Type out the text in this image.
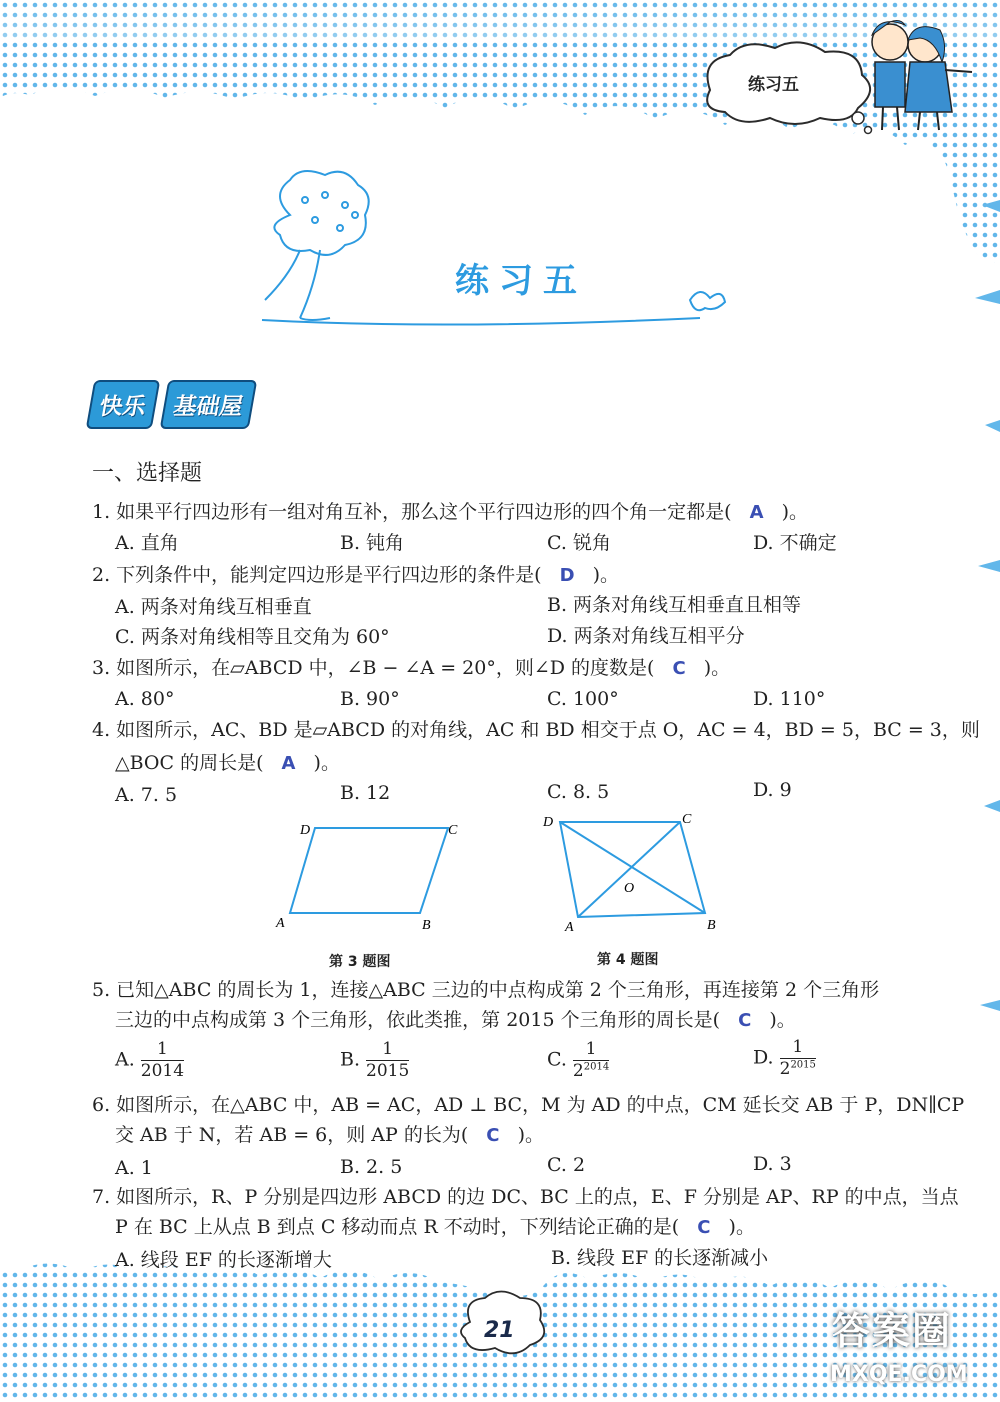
练习五
练习五
快乐 基础屋
一、选择题
1. 如果平行四边形有一组对角互补，那么这个平行四边形的四个角一定都是( A )。
A. 直角	B. 钝角	C. 锐角	D. 不确定
2. 下列条件中，能判定四边形是平行四边形的条件是( D )。
A. 两条对角线互相垂直	B. 两条对角线互相垂直且相等
C. 两条对角线相等且交角为 60°	D. 两条对角线互相平分
3. 如图所示，在▱ABCD 中，∠B − ∠A = 20°，则∠D 的度数是( C )。
A. 80°	B. 90°	C. 100°	D. 110°
4. 如图所示，AC、BD 是▱ABCD 的对角线，AC 和 BD 相交于点 O，AC = 4，BD = 5，BC = 3，则
△BOC 的周长是( A )。
A. 7. 5	B. 12	C. 8. 5	D. 9
A	B
C
D
第 3 题图
A	B
C
D
O
第 4 题图
5. 已知△ABC 的周长为 1，连接△ABC 三边的中点构成第 2 个三角形，再连接第 2 个三角形
三边的中点构成第 3 个三角形，依此类推，第 2015 个三角形的周长是( C )。
A. $\frac{1}{2014}$	B. $\frac{1}{2015}$	C. $\frac{1}{2^{2014}}$	D. $\frac{1}{2^{2015}}$
6. 如图所示，在△ABC 中，AB = AC，AD ⊥ BC，M 为 AD 的中点，CM 延长交 AB 于 P，DN∥CP
交 AB 于 N，若 AB = 6，则 AP 的长为( C )。
A. 1	B. 2. 5	C. 2	D. 3
7. 如图所示，R、P 分别是四边形 ABCD 的边 DC、BC 上的点，E、F 分别是 AP、RP 的中点，当点
P 在 BC 上从点 B 到点 C 移动而点 R 不动时，下列结论正确的是( C )。
A. 线段 EF 的长逐渐增大	B. 线段 EF 的长逐渐减小
21	答案圈
MXQE.COM
